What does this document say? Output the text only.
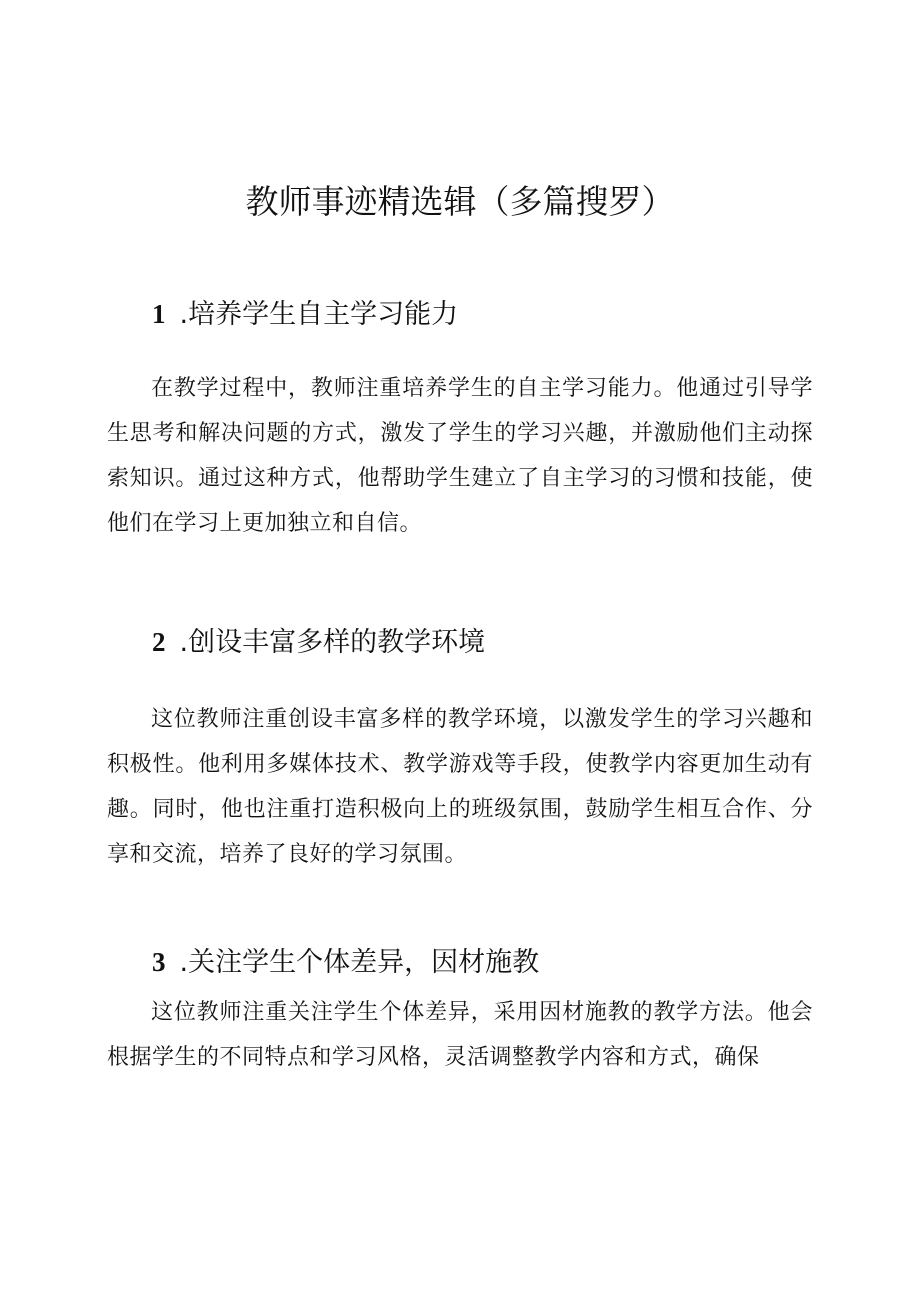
教师事迹精选辑（多篇搜罗）
1 .培养学生自主学习能力

在教学过程中，教师注重培养学生的自主学习能力。他通过引导学生思考和解决问题的方式，激发了学生的学习兴趣，并激励他们主动探索知识。通过这种方式，他帮助学生建立了自主学习的习惯和技能，使他们在学习上更加独立和自信。

2 .创设丰富多样的教学环境

这位教师注重创设丰富多样的教学环境，以激发学生的学习兴趣和积极性。他利用多媒体技术、教学游戏等手段，使教学内容更加生动有趣。同时，他也注重打造积极向上的班级氛围，鼓励学生相互合作、分享和交流，培养了良好的学习氛围。

3 .关注学生个体差异，因材施教

这位教师注重关注学生个体差异，采用因材施教的教学方法。他会根据学生的不同特点和学习风格，灵活调整教学内容和方式，确保
